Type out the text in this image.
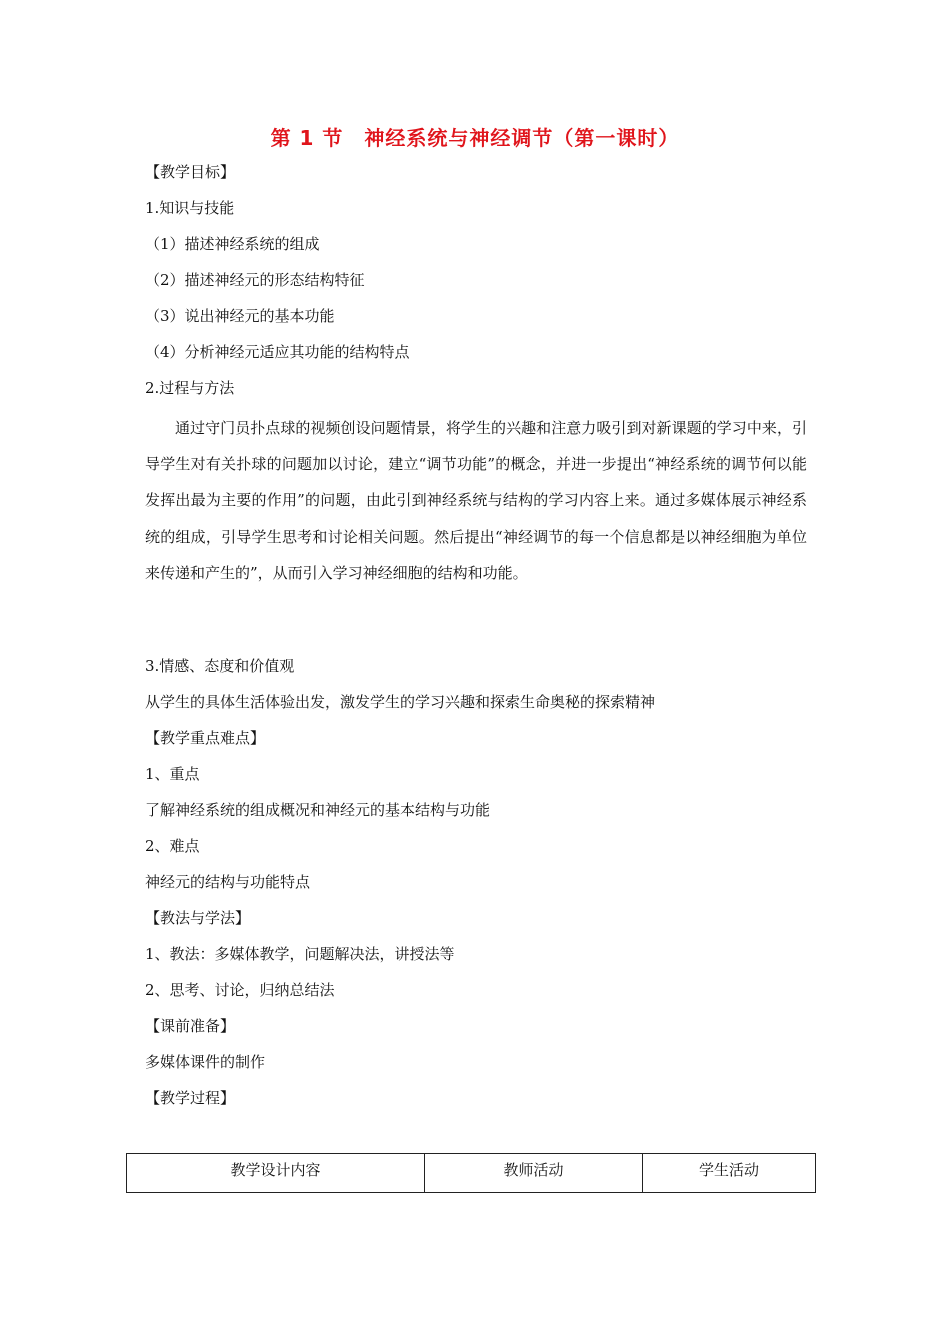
第 1 节　神经系统与神经调节（第一课时）
【教学目标】
1.知识与技能
（1）描述神经系统的组成
（2）描述神经元的形态结构特征
（3）说出神经元的基本功能
（4）分析神经元适应其功能的结构特点
2.过程与方法
通过守门员扑点球的视频创设问题情景，将学生的兴趣和注意力吸引到对新课题的学习中来，引导学生对有关扑球的问题加以讨论，建立“调节功能”的概念，并进一步提出“神经系统的调节何以能发挥出最为主要的作用”的问题，由此引到神经系统与结构的学习内容上来。通过多媒体展示神经系统的组成，引导学生思考和讨论相关问题。然后提出“神经调节的每一个信息都是以神经细胞为单位来传递和产生的”，从而引入学习神经细胞的结构和功能。
3.情感、态度和价值观
从学生的具体生活体验出发，激发学生的学习兴趣和探索生命奥秘的探索精神
【教学重点难点】
1、重点
了解神经系统的组成概况和神经元的基本结构与功能
2、难点
神经元的结构与功能特点
【教法与学法】
1、教法：多媒体教学，问题解决法，讲授法等
2、思考、讨论，归纳总结法
【课前准备】
多媒体课件的制作
【教学过程】
教学设计内容	教师活动	学生活动
